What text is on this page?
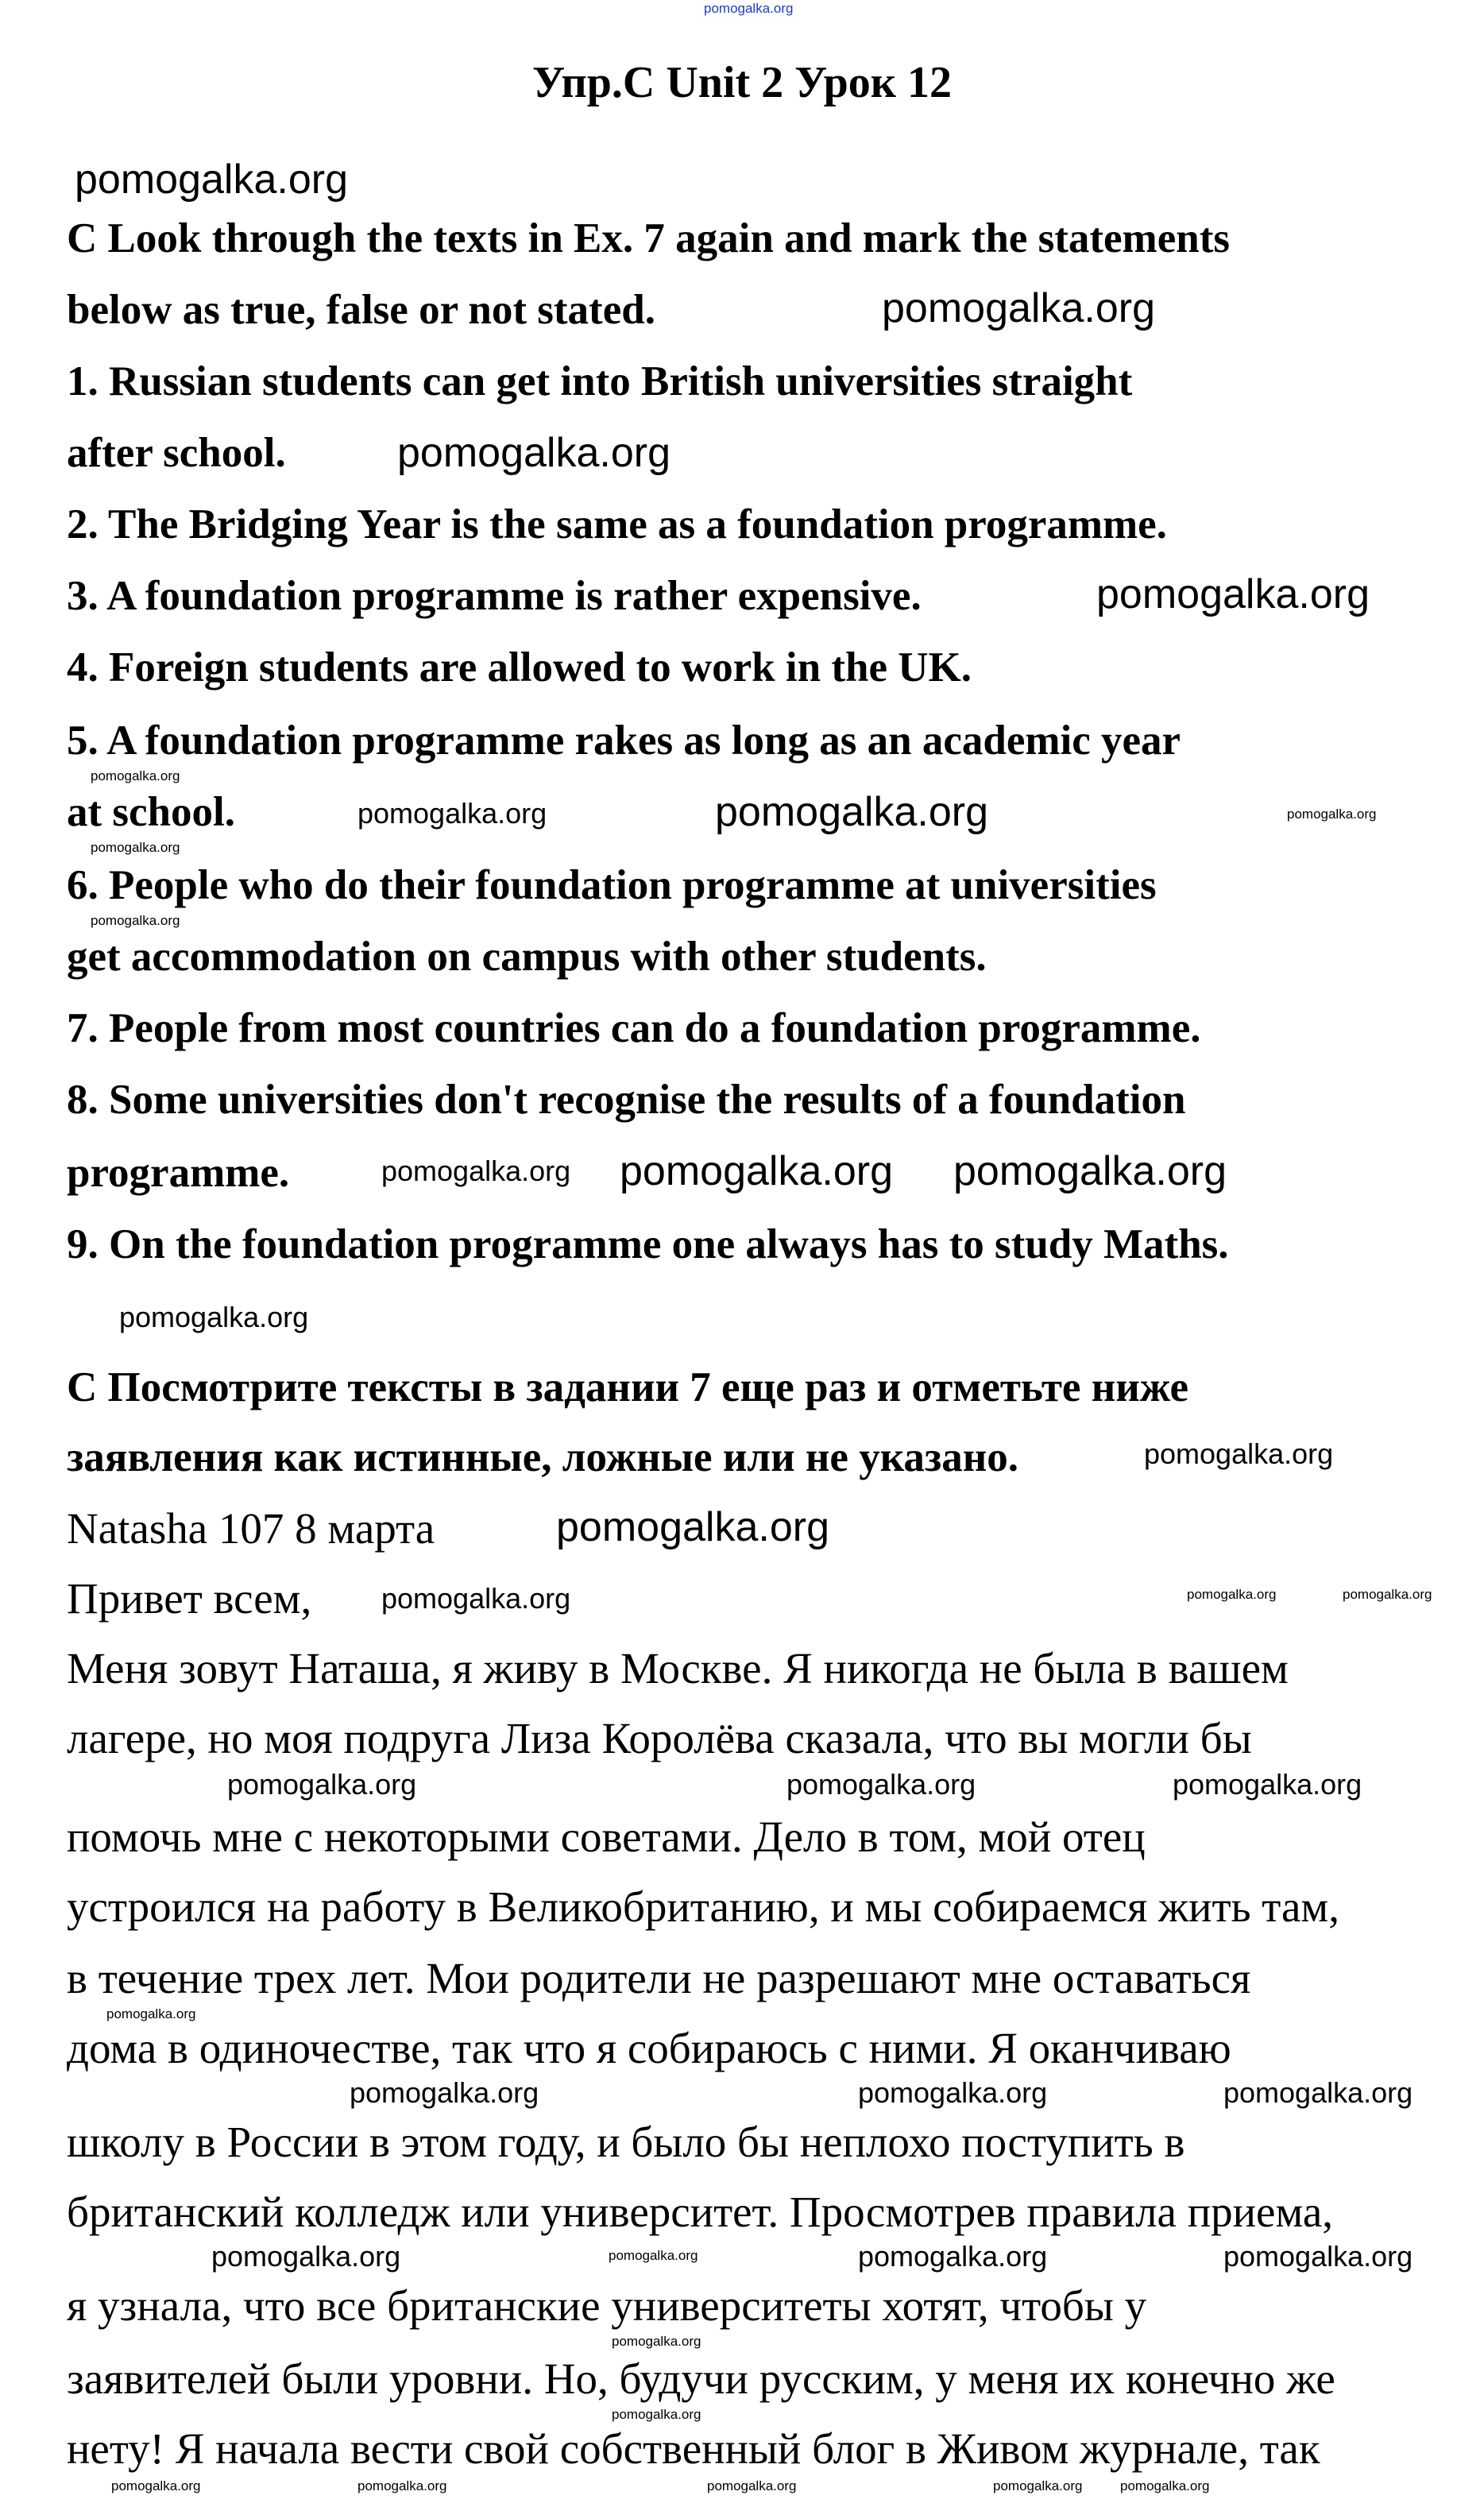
Упр.C Unit 2 Урок 12
C Look through the texts in Ex. 7 again and mark the statements
below as true, false or not stated.
1. Russian students can get into British universities straight
after school.
2. The Bridging Year is the same as a foundation programme.
3. A foundation programme is rather expensive.
4. Foreign students are allowed to work in the UK.
5. A foundation programme rakes as long as an academic year
at school.
6. People who do their foundation programme at universities
get accommodation on campus with other students.
7. People from most countries can do a foundation programme.
8. Some universities don't recognise the results of a foundation
programme.
9. On the foundation programme one always has to study Maths.
С Посмотрите тексты в задании 7 еще раз и отметьте ниже
заявления как истинные, ложные или не указано.
Natasha 107 8 марта
Привет всем,
Меня зовут Наташа, я живу в Москве. Я никогда не была в вашем
лагере, но моя подруга Лиза Королёва сказала, что вы могли бы
помочь мне с некоторыми советами. Дело в том, мой отец
устроился на работу в Великобританию, и мы собираемся жить там,
в течение трех лет. Мои родители не разрешают мне оставаться
дома в одиночестве, так что я собираюсь с ними. Я оканчиваю
школу в России в этом году, и было бы неплохо поступить в
британский колледж или университет. Просмотрев правила приема,
я узнала, что все британские университеты хотят, чтобы у
заявителей были уровни. Но, будучи русским, у меня их конечно же
нету! Я начала вести свой собственный блог в Живом журнале, так
pomogalka.org
pomogalka.org
pomogalka.org
pomogalka.org
pomogalka.org
pomogalka.org
pomogalka.org	pomogalka.org	pomogalka.org
pomogalka.org
pomogalka.org
pomogalka.org pomogalka.org pomogalka.org
pomogalka.org
pomogalka.org
pomogalka.org
pomogalka.org	pomogalka.org	pomogalka.org
pomogalka.org	pomogalka.org	pomogalka.org
pomogalka.org
pomogalka.org	pomogalka.org	pomogalka.org
pomogalka.org	pomogalka.org	pomogalka.org	pomogalka.org
pomogalka.org
pomogalka.org
pomogalka.org	pomogalka.org	pomogalka.org	pomogalka.org	pomogalka.org
